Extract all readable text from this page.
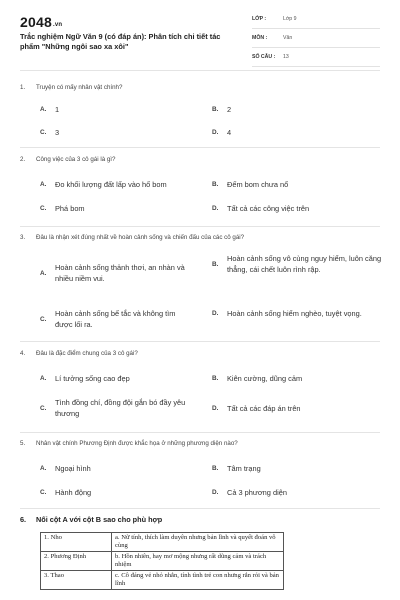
2048.vn
Trắc nghiệm Ngữ Văn 9 (có đáp án): Phân tích chi tiết tác phẩm "Những ngôi sao xa xôi"
LỚP :	Lớp 9
MÔN :	Văn
SỐ CÂU : 13
1. Truyện có mấy nhân vật chính?
A.	1	B.	2
C.	3	D.	4
2. Công việc của 3 cô gái là gì?
A.	Đo khối lượng đất lấp vào hố bom	B.	Đếm bom chưa nổ
C.	Phá bom	D.	Tất cả các công việc trên
3. Đâu là nhận xét đúng nhất về hoàn cảnh sống và chiến đấu của các cô gái?
A.
Hoàn cảnh sống thảnh thơi, an nhàn và nhiều niềm vui.
B.
Hoàn cảnh sống vô cùng nguy hiểm, luôn căng thẳng, cái chết luôn rình rập.
C.
Hoàn cảnh sống bế tắc và không tìm được lối ra.
D.	Hoàn cảnh sống hiểm nghèo, tuyệt vọng.
4. Đâu là đặc điểm chung của 3 cô gái?
A.	Lí tưởng sống cao đẹp	B.	Kiên cường, dũng cảm
C.
Tình đồng chí, đồng đội gắn bó đầy yêu thương
D.	Tất cả các đáp án trên
5. Nhân vật chính Phương Định được khắc họa ở những phương diện nào?
A.	Ngoại hình	B.	Tâm trạng
C.	Hành động	D.	Cả 3 phương diện
6. Nối cột A với cột B sao cho phù hợp
1. Nho	a. Nữ tính, thích làm duyên nhưng bản lĩnh và quyết đoán vô cùng
2. Phương Định	b. Hồn nhiên, hay mơ mộng nhưng rất dũng cảm và trách nhiệm
3. Thao	c. Cô đáng vẻ nhỏ nhắn, tính tình trẻ con nhưng rắn rỏi và bản lĩnh
